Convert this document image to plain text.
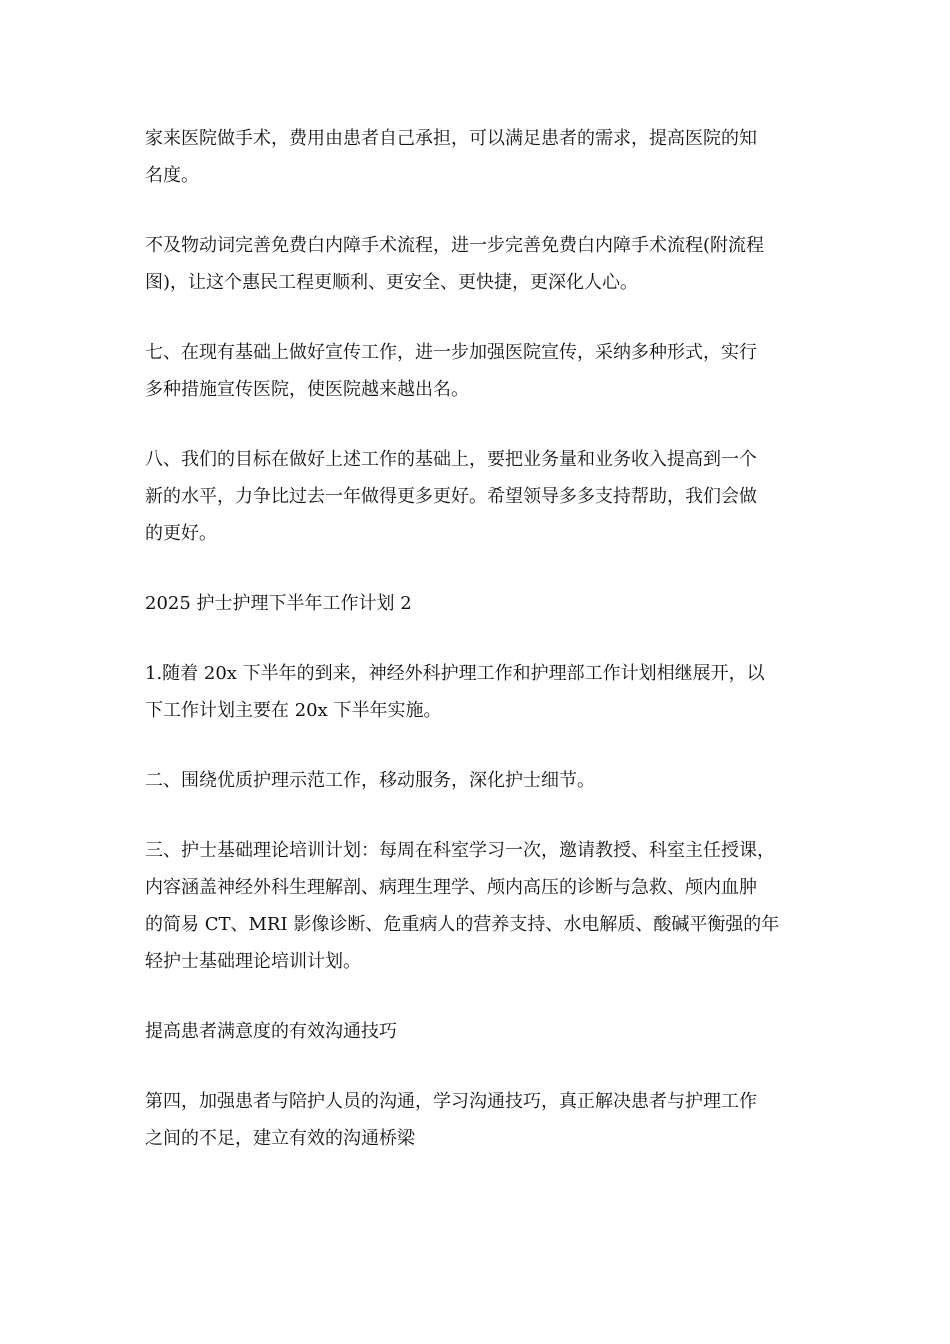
家来医院做手术，费用由患者自己承担，可以满足患者的需求，提高医院的知
名度。

不及物动词完善免费白内障手术流程，进一步完善免费白内障手术流程(附流程
图)，让这个惠民工程更顺利、更安全、更快捷，更深化人心。

七、在现有基础上做好宣传工作，进一步加强医院宣传，采纳多种形式，实行
多种措施宣传医院，使医院越来越出名。

八、我们的目标在做好上述工作的基础上，要把业务量和业务收入提高到一个
新的水平，力争比过去一年做得更多更好。希望领导多多支持帮助，我们会做
的更好。

2025 护士护理下半年工作计划 2

1.随着 20x 下半年的到来，神经外科护理工作和护理部工作计划相继展开，以
下工作计划主要在 20x 下半年实施。

二、围绕优质护理示范工作，移动服务，深化护士细节。

三、护士基础理论培训计划：每周在科室学习一次，邀请教授、科室主任授课，
内容涵盖神经外科生理解剖、病理生理学、颅内高压的诊断与急救、颅内血肿
的简易 CT、MRI 影像诊断、危重病人的营养支持、水电解质、酸碱平衡强的年
轻护士基础理论培训计划。

提高患者满意度的有效沟通技巧

第四，加强患者与陪护人员的沟通，学习沟通技巧，真正解决患者与护理工作
之间的不足，建立有效的沟通桥梁
